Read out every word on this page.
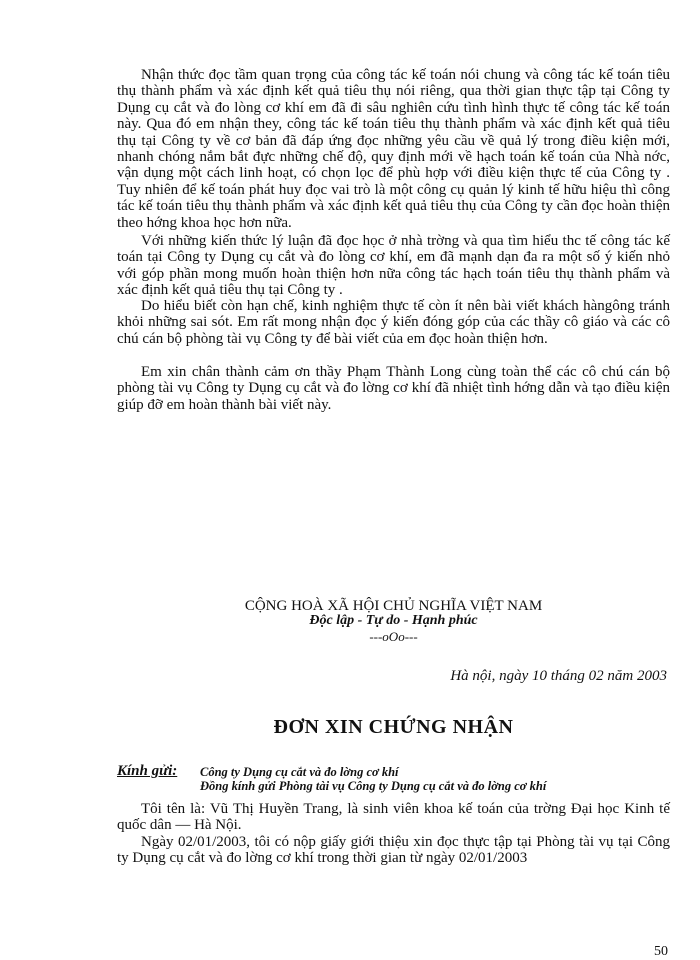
Nhận thức đọc tầm quan trọng của công tác kế toán nói chung và công tác kế toán tiêu thụ thành phẩm và xác định kết quả tiêu thụ nói riêng, qua thời gian thực tập tại Công ty Dụng cụ cắt và đo lòng cơ khí em đã đi sâu nghiên cứu tình hình thực tế công tác kế toán này. Qua đó em nhận they, công tác kế toán tiêu thụ thành phẩm và xác định kết quả tiêu thụ tại Công ty về cơ bản đã đáp ứng đọc những yêu cầu về quả lý trong điều kiện mới, nhanh chóng nắm bắt đực những chế độ, quy định mới về hạch toán kế toán của Nhà nớc, vận dụng một cách linh hoạt, có chọn lọc để phù hợp với điều kiện thực tế của Công ty . Tuy nhiên để kế toán phát huy đọc vai trò là một công cụ quản lý kinh tế hữu hiệu thì công tác kế toán tiêu thụ thành phẩm và xác định kết quả tiêu thụ của Công ty cần đọc hoàn thiện theo hớng khoa học hơn nữa.

Với những kiến thức lý luận đã đọc học ở nhà trờng và qua tìm hiểu thc tế công tác kế toán tại Công ty Dụng cụ cắt và đo lòng cơ khí, em đã mạnh dạn đa ra một số ý kiến nhỏ với góp phần mong muốn hoàn thiện hơn nữa công tác hạch toán tiêu thụ thành phẩm và xác định kết quả tiêu thụ tại Công ty .

Do hiểu biết còn hạn chế, kinh nghiệm thực tế còn ít nên bài viết khách hàngông tránh khỏi những sai sót. Em rất mong nhận đọc ý kiến đóng góp của các thầy cô giáo và các cô chú cán bộ phòng tài vụ Công ty để bài viết của em đọc hoàn thiện hơn.

Em xin chân thành cảm ơn thầy Phạm Thành Long cùng toàn thể các cô chú cán bộ phòng tài vụ Công ty Dụng cụ cắt và đo lờng cơ khí đã nhiệt tình hớng dẫn và tạo điều kiện giúp đỡ em hoàn thành bài viết này.

CỘNG HOÀ XÃ HỘI CHỦ NGHĨA VIỆT NAM

Độc lập - Tự do - Hạnh phúc

---oOo---

Hà nội, ngày 10 tháng 02 năm 2003

ĐƠN XIN CHỨNG NHẬN

Kính gửi: Công ty Dụng cụ cắt và đo lờng cơ khí

Đồng kính gửi Phòng tài vụ Công ty Dụng cụ cắt và đo lờng cơ khí

Tôi tên là: Vũ Thị Huyền Trang, là sinh viên khoa kế toán của trờng Đại học Kinh tế quốc dân — Hà Nội.

Ngày 02/01/2003, tôi có nộp giấy giới thiệu xin đọc thực tập tại Phòng tài vụ tại Công ty Dụng cụ cắt và đo lờng cơ khí trong thời gian từ ngày 02/01/2003

50
